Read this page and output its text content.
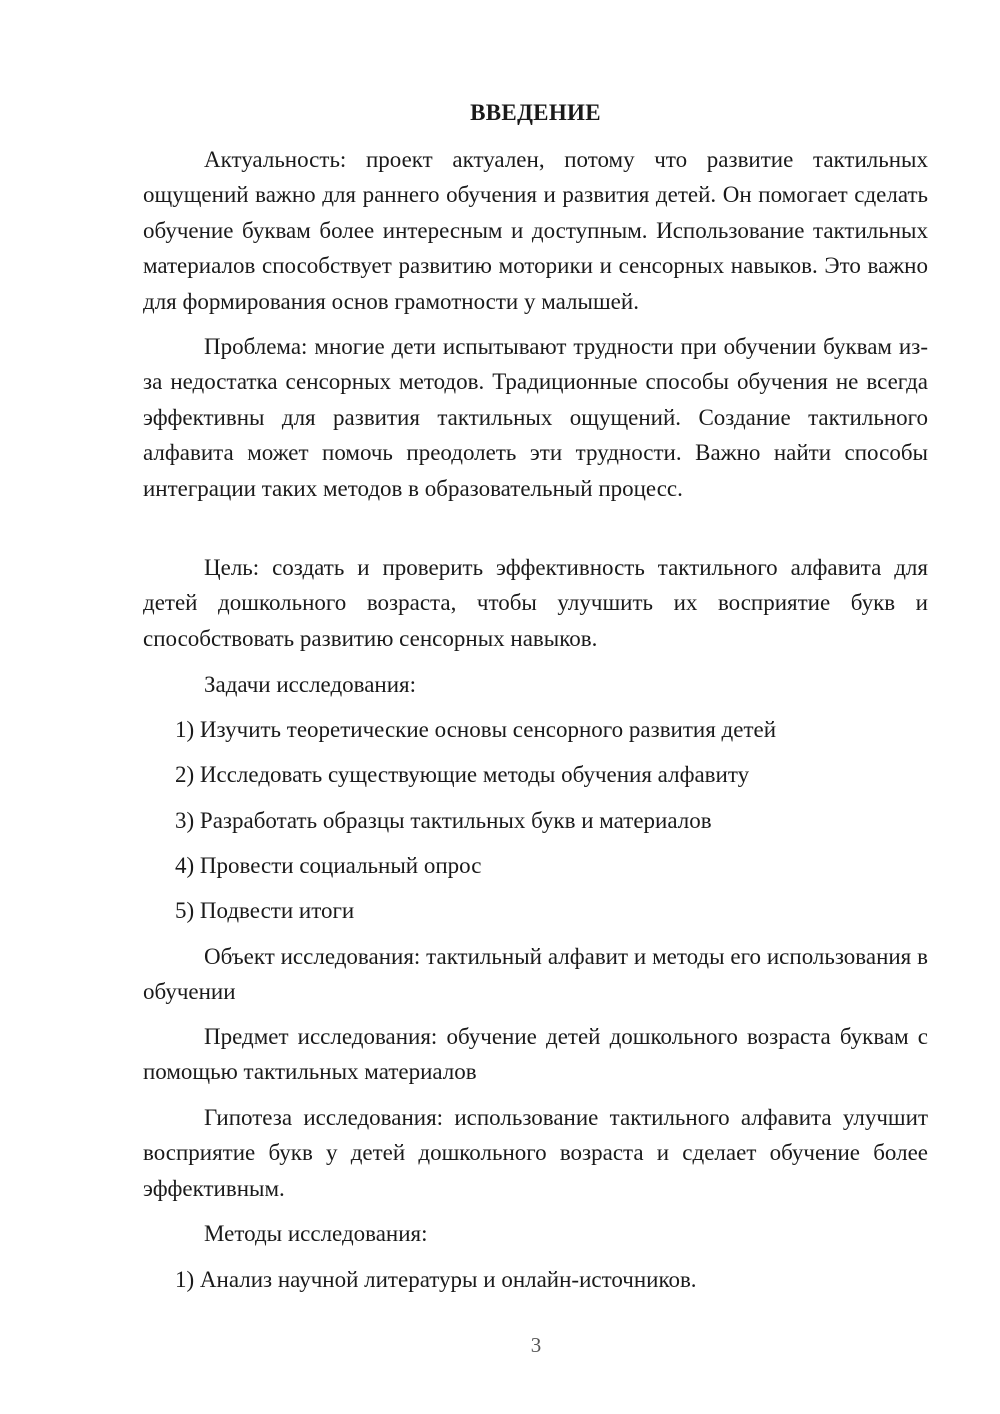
ВВЕДЕНИЕ

Актуальность: проект актуален, потому что развитие тактильных ощущений важно для раннего обучения и развития детей. Он помогает сделать обучение буквам более интересным и доступным. Использование тактильных материалов способствует развитию моторики и сенсорных навыков. Это важно для формирования основ грамотности у малышей.

Проблема: многие дети испытывают трудности при обучении буквам из-за недостатка сенсорных методов. Традиционные способы обучения не всегда эффективны для развития тактильных ощущений. Создание тактильного алфавита может помочь преодолеть эти трудности. Важно найти способы интеграции таких методов в образовательный процесс.

Цель: создать и проверить эффективность тактильного алфавита для детей дошкольного возраста, чтобы улучшить их восприятие букв и способствовать развитию сенсорных навыков.

Задачи исследования:

1) Изучить теоретические основы сенсорного развития детей

2) Исследовать существующие методы обучения алфавиту

3) Разработать образцы тактильных букв и материалов

4) Провести социальный опрос

5) Подвести итоги

Объект исследования: тактильный алфавит и методы его использования в обучении

Предмет исследования: обучение детей дошкольного возраста буквам с помощью тактильных материалов

Гипотеза исследования: использование тактильного алфавита улучшит восприятие букв у детей дошкольного возраста и сделает обучение более эффективным.

Методы исследования:

1) Анализ научной литературы и онлайн-источников.

3
